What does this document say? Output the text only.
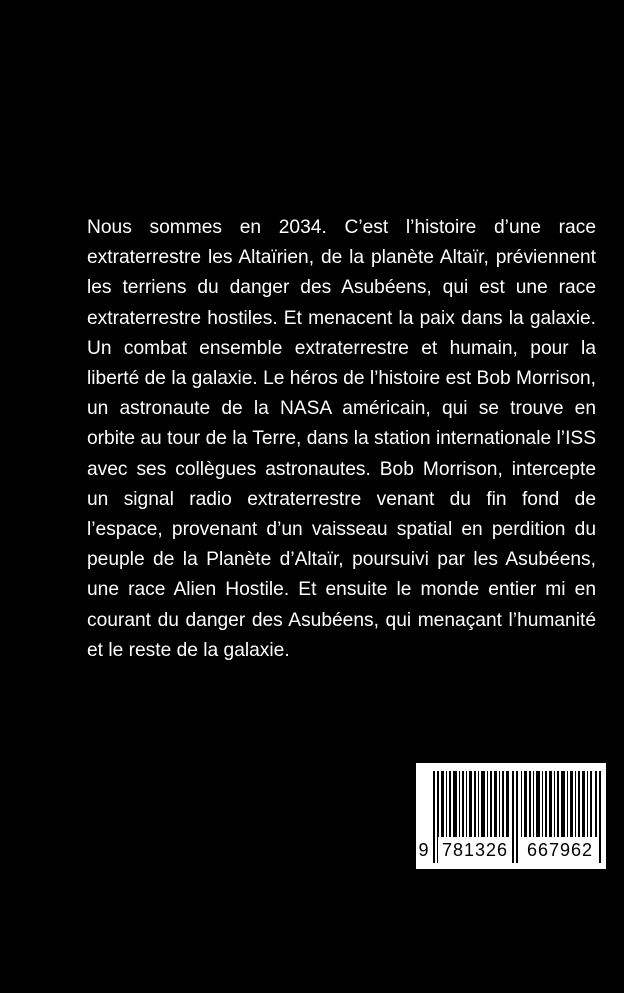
Nous sommes en 2034. C’est l’histoire d’une race extraterrestre les Altaïrien, de la planète Altaïr, préviennent les terriens du danger des Asubéens, qui est une race extraterrestre hostiles. Et menacent la paix dans la galaxie. Un combat ensemble extraterrestre et humain, pour la liberté de la galaxie. Le héros de l’histoire est Bob Morrison, un astronaute de la NASA américain, qui se trouve en orbite au tour de la Terre, dans la station internationale l’ISS avec ses collègues astronautes. Bob Morrison, intercepte un signal radio extraterrestre venant du fin fond de l’espace, provenant d’un vaisseau spatial en perdition du peuple de la Planète d’Altaïr, poursuivi par les Asubéens, une race Alien Hostile. Et ensuite le monde entier mi en courant du danger des Asubéens, qui menaçant l’humanité et le reste de la galaxie.

9 781326 667962
